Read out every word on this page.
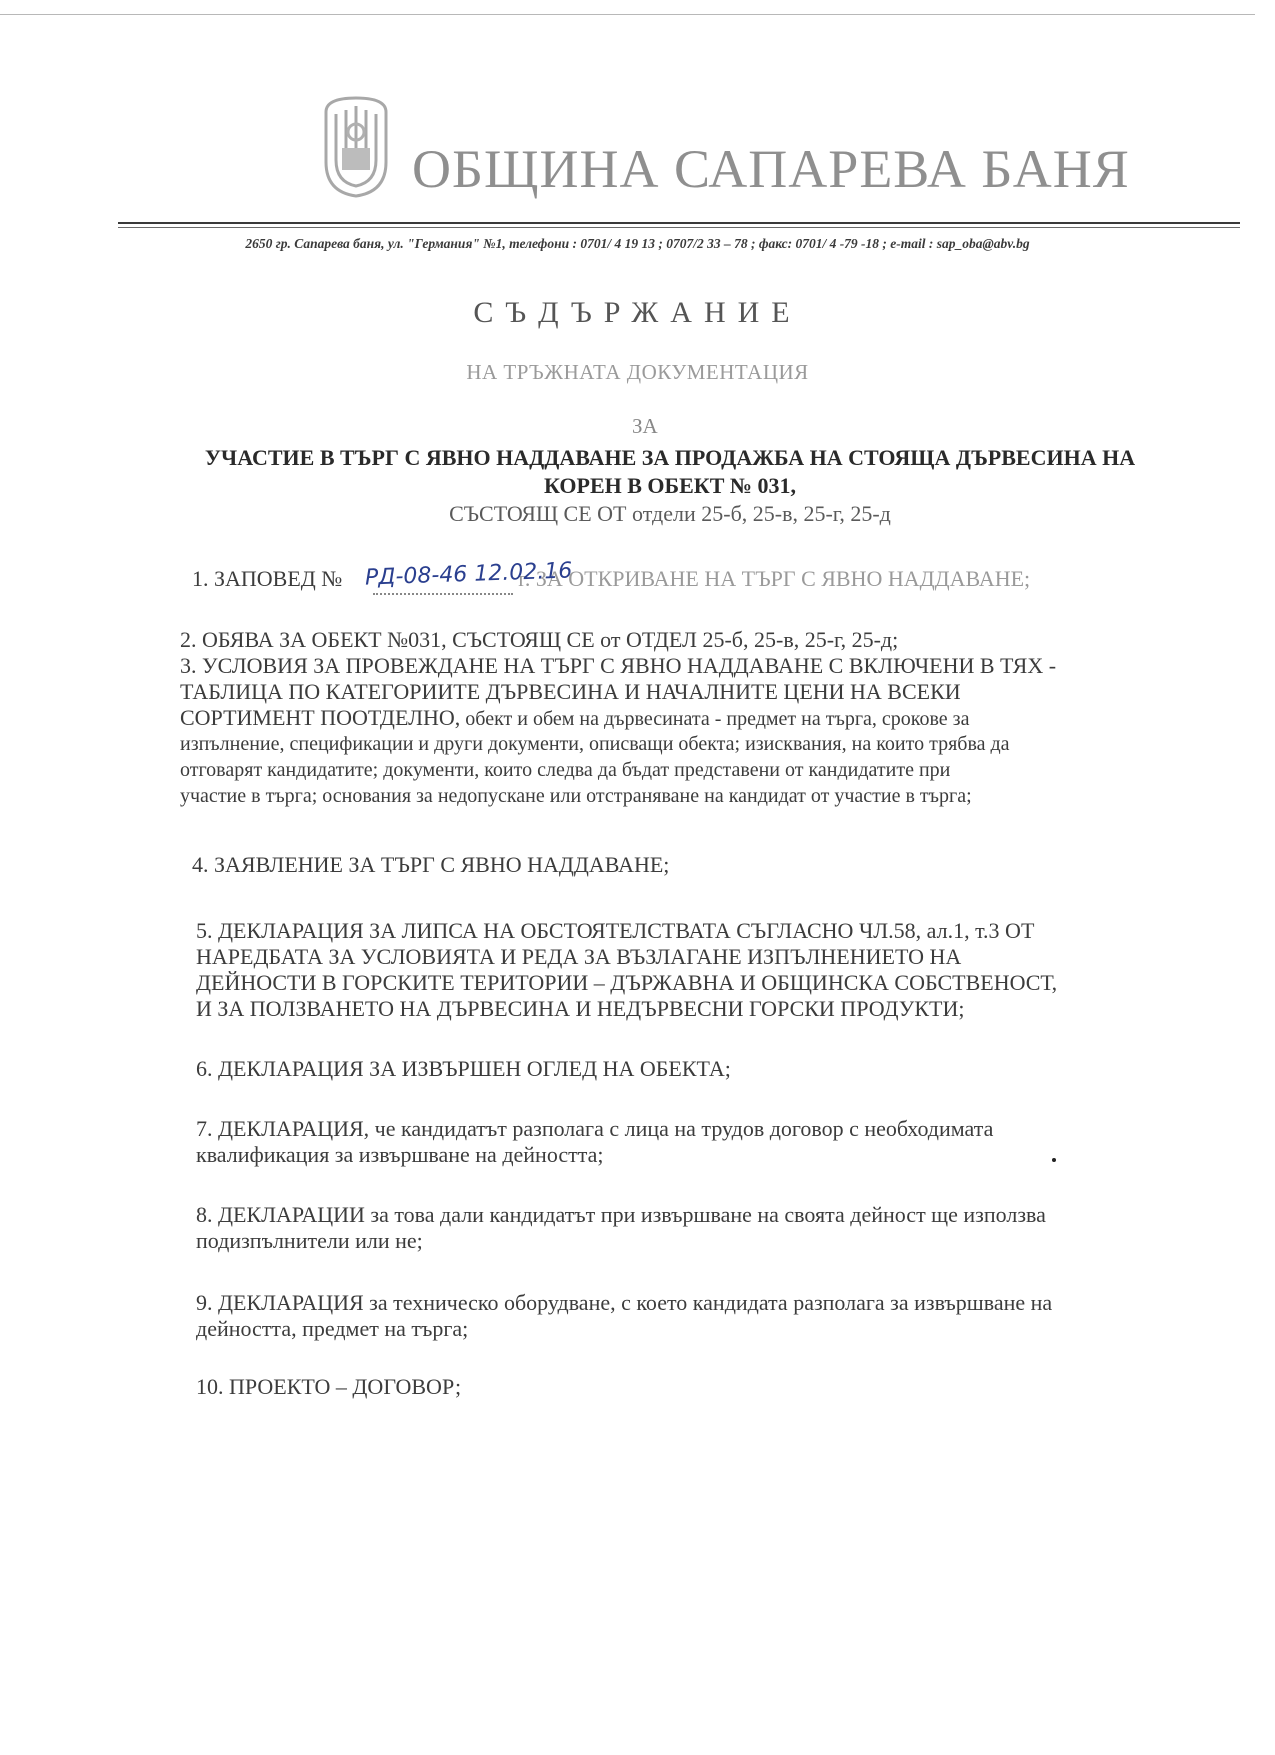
ОБЩИНА САПАРЕВА БАНЯ
2650 гр. Сапарева баня, ул. "Германия" №1, телефони : 0701/ 4 19 13 ; 0707/2 33 – 78 ; факс: 0701/ 4 -79 -18 ; e-mail : sap_oba@abv.bg
СЪДЪРЖАНИЕ
НА ТРЪЖНАТА ДОКУМЕНТАЦИЯ
ЗА
УЧАСТИЕ В ТЪРГ С ЯВНО НАДДАВАНЕ ЗА ПРОДАЖБА НА СТОЯЩА ДЪРВЕСИНА НА
КОРЕН В ОБЕКТ № 031,
СЪСТОЯЩ СЕ ОТ отдели 25-б, 25-в, 25-г, 25-д
1. ЗАПОВЕД №	г. ЗА ОТКРИВАНЕ НА ТЪРГ С ЯВНО НАДДАВАНЕ;
РД-08-46 12.02.16
2. ОБЯВА ЗА ОБЕКТ №031, СЪСТОЯЩ СЕ от ОТДЕЛ 25-б, 25-в, 25-г, 25-д;
3. УСЛОВИЯ ЗА ПРОВЕЖДАНЕ НА ТЪРГ С ЯВНО НАДДАВАНЕ С ВКЛЮЧЕНИ В ТЯХ -
ТАБЛИЦА ПО КАТЕГОРИИТЕ ДЪРВЕСИНА И НАЧАЛНИТЕ ЦЕНИ НА ВСЕКИ
СОРТИМЕНТ ПООТДЕЛНО, обект и обем на дървесината - предмет на търга, срокове за
изпълнение, спецификации и други документи, описващи обекта; изисквания, на които трябва да
отговарят кандидатите; документи, които следва да бъдат представени от кандидатите при
участие в търга; основания за недопускане или отстраняване на кандидат от участие в търга;
4. ЗАЯВЛЕНИЕ ЗА ТЪРГ С ЯВНО НАДДАВАНЕ;
5. ДЕКЛАРАЦИЯ ЗА ЛИПСА НА ОБСТОЯТЕЛСТВАТА СЪГЛАСНО ЧЛ.58, ал.1, т.3 ОТ
НАРЕДБАТА ЗА УСЛОВИЯТА И РЕДА ЗА ВЪЗЛАГАНЕ ИЗПЪЛНЕНИЕТО НА
ДЕЙНОСТИ В ГОРСКИТЕ ТЕРИТОРИИ – ДЪРЖАВНА И ОБЩИНСКА СОБСТВЕНОСТ,
И ЗА ПОЛЗВАНЕТО НА ДЪРВЕСИНА И НЕДЪРВЕСНИ ГОРСКИ ПРОДУКТИ;
6. ДЕКЛАРАЦИЯ ЗА ИЗВЪРШЕН ОГЛЕД НА ОБЕКТА;
7. ДЕКЛАРАЦИЯ, че кандидатът разполага с лица на трудов договор с необходимата
квалификация за извършване на дейността;
8. ДЕКЛАРАЦИИ за това дали кандидатът при извършване на своята дейност ще използва
подизпълнители или не;
9. ДЕКЛАРАЦИЯ за техническо оборудване, с което кандидата разполага за извършване на
дейността, предмет на търга;
10. ПРОЕКТО – ДОГОВОР;
